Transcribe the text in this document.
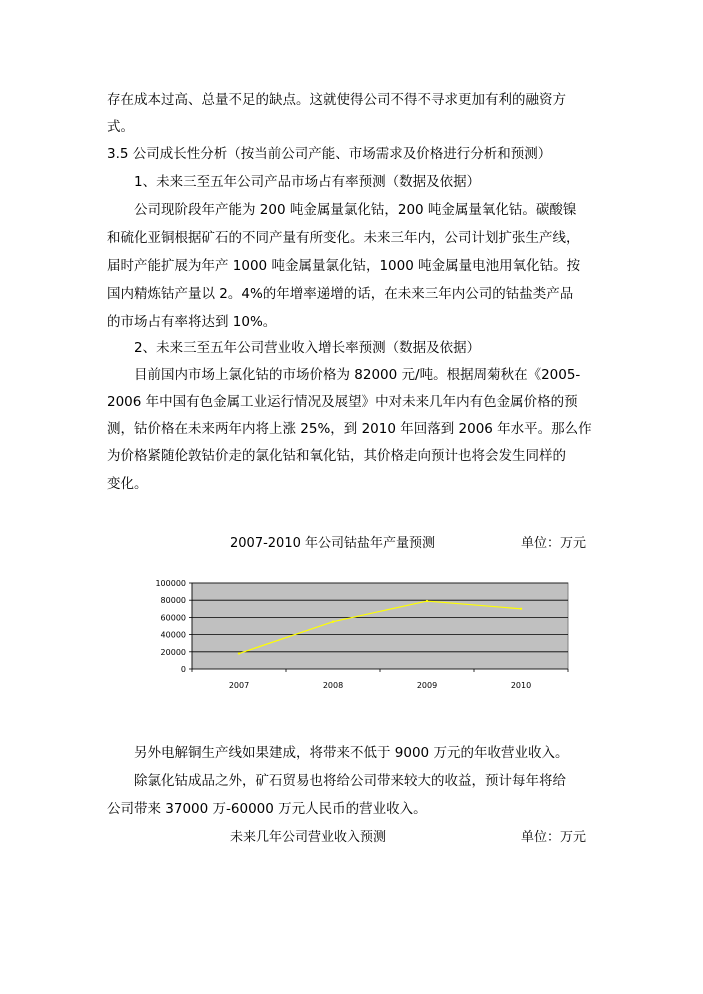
存在成本过高、总量不足的缺点。这就使得公司不得不寻求更加有利的融资方
式。
3.5 公司成长性分析（按当前公司产能、市场需求及价格进行分析和预测）
1、未来三至五年公司产品市场占有率预测（数据及依据）
公司现阶段年产能为 200 吨金属量氯化钴，200 吨金属量氧化钴。碳酸镍
和硫化亚铜根据矿石的不同产量有所变化。未来三年内，公司计划扩张生产线，
届时产能扩展为年产 1000 吨金属量氯化钴，1000 吨金属量电池用氧化钴。按
国内精炼钴产量以 2。4%的年增率递增的话，在未来三年内公司的钴盐类产品
的市场占有率将达到 10%。
2、未来三至五年公司营业收入增长率预测（数据及依据）
目前国内市场上氯化钴的市场价格为 82000 元/吨。根据周菊秋在《2005-
2006 年中国有色金属工业运行情况及展望》中对未来几年内有色金属价格的预
测，钴价格在未来两年内将上涨 25%，到 2010 年回落到 2006 年水平。那么作
为价格紧随伦敦钴价走的氯化钴和氧化钴，其价格走向预计也将会发生同样的
变化。
2007-2010 年公司钴盐年产量预测	单位：万元
0
20000
40000
60000
80000
100000
2007	2008	2009	2010
另外电解铜生产线如果建成，将带来不低于 9000 万元的年收营业收入。
除氯化钴成品之外，矿石贸易也将给公司带来较大的收益，预计每年将给
公司带来 37000 万-60000 万元人民币的营业收入。
未来几年公司营业收入预测	单位：万元
